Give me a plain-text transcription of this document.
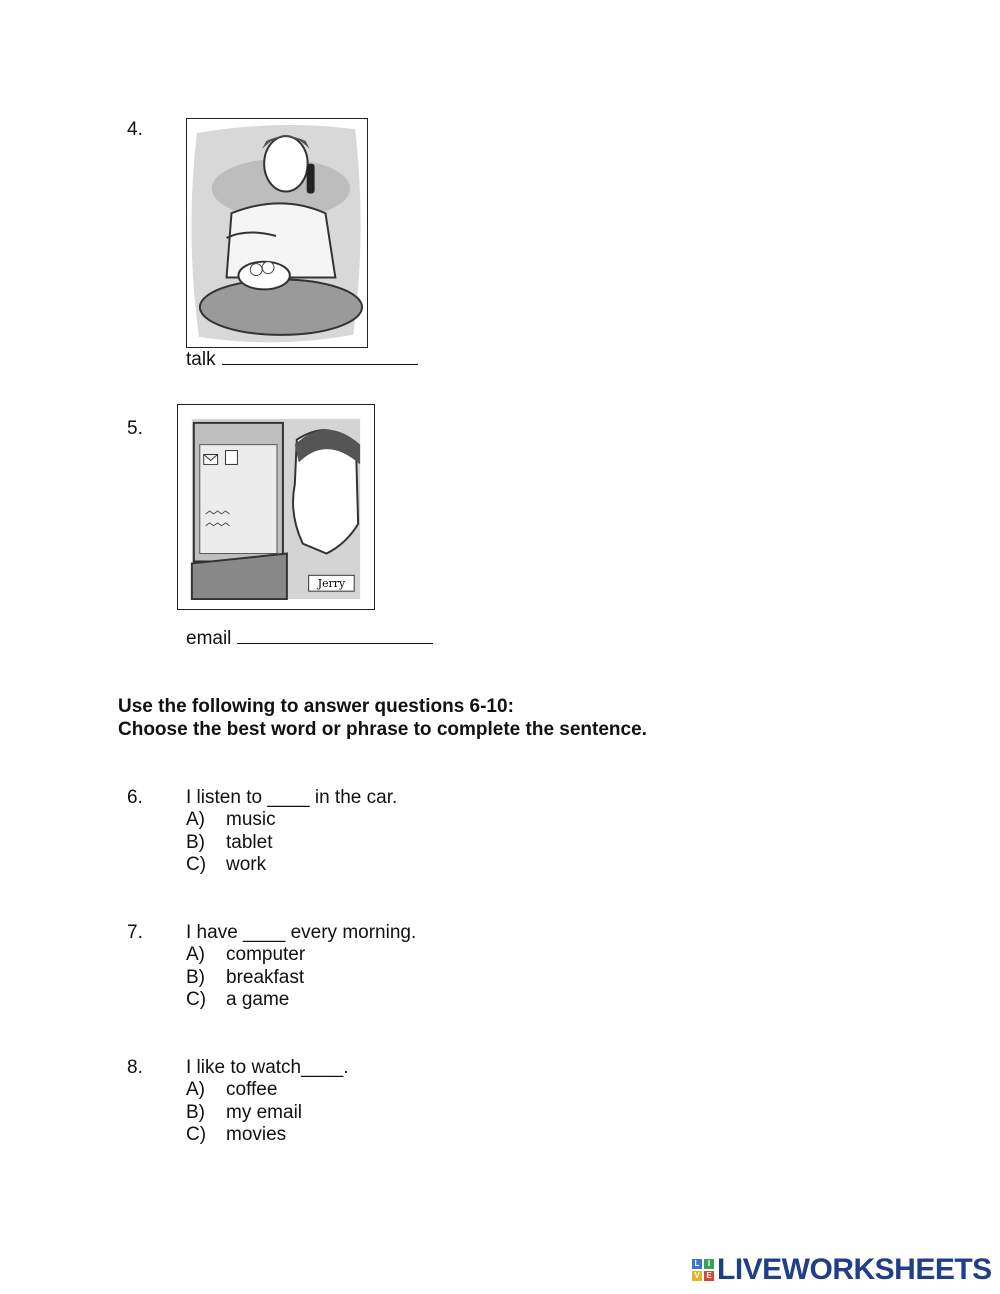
4.
talk
5.
Jerry
email
Use the following to answer questions 6-10:
Choose the best word or phrase to complete the sentence.
6. I listen to ____ in the car.
A) music
B) tablet
C) work
7. I have ____ every morning.
A) computer
B) breakfast
C) a game
8. I like to watch____.
A) coffee
B) my email
C) movies
L	I
V E LIVEWORKSHEETS
